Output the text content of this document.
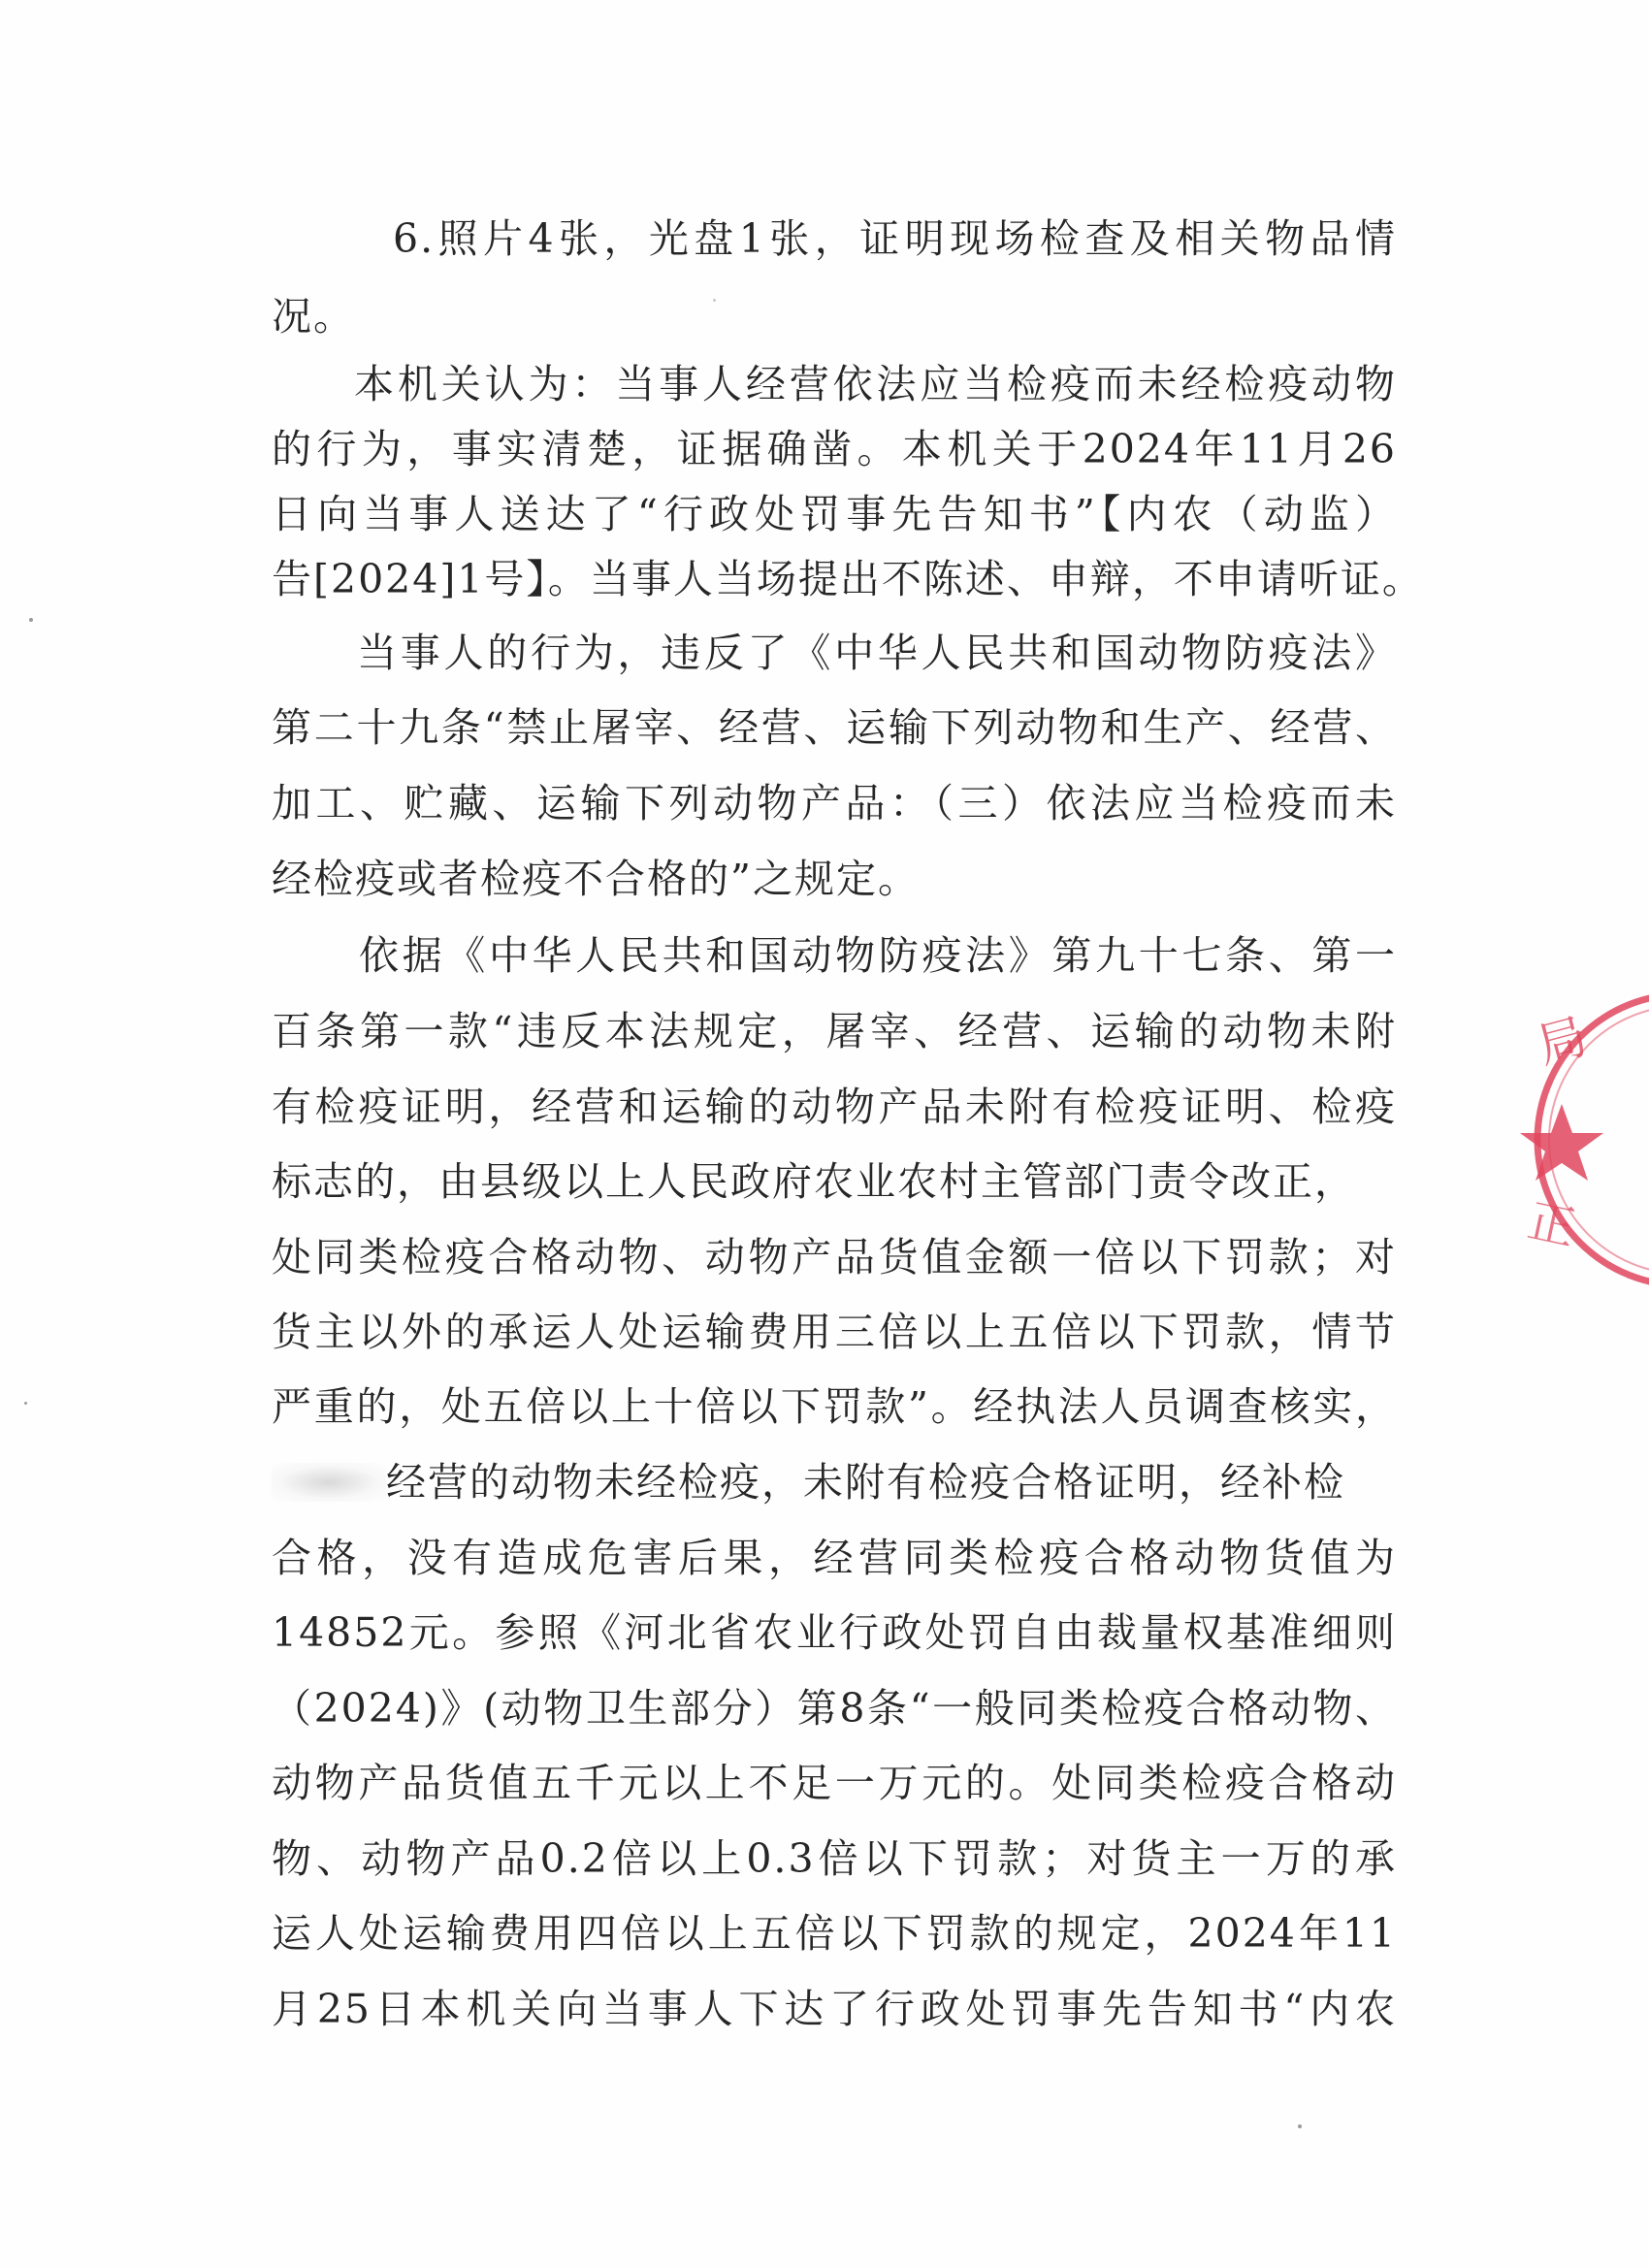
6.照片4张，光盘1张，证明现场检查及相关物品情
况。
本机关认为：当事人经营依法应当检疫而未经检疫动物
的行为，事实清楚，证据确凿。本机关于2024年11月26
日向当事人送达了“行政处罚事先告知书”【内农（动监）
告[2024]1号】。当事人当场提出不陈述、申辩，不申请听证。
当事人的行为，违反了《中华人民共和国动物防疫法》
第二十九条“禁止屠宰、经营、运输下列动物和生产、经营、
加工、贮藏、运输下列动物产品：（三）依法应当检疫而未
经检疫或者检疫不合格的”之规定。
依据《中华人民共和国动物防疫法》第九十七条、第一
百条第一款“违反本法规定，屠宰、经营、运输的动物未附
有检疫证明，经营和运输的动物产品未附有检疫证明、检疫
标志的，由县级以上人民政府农业农村主管部门责令改正，
处同类检疫合格动物、动物产品货值金额一倍以下罚款；对
货主以外的承运人处运输费用三倍以上五倍以下罚款，情节
严重的，处五倍以上十倍以下罚款”。经执法人员调查核实，
经营的动物未经检疫，未附有检疫合格证明，经补检
合格，没有造成危害后果，经营同类检疫合格动物货值为
14852元。参照《河北省农业行政处罚自由裁量权基准细则
（2024)》(动物卫生部分）第8条“一般同类检疫合格动物、
动物产品货值五千元以上不足一万元的。处同类检疫合格动
物、动物产品0.2倍以上0.3倍以下罚款；对货主一万的承
运人处运输费用四倍以上五倍以下罚款的规定，2024年11
月25日本机关向当事人下达了行政处罚事先告知书“内农
局
正
